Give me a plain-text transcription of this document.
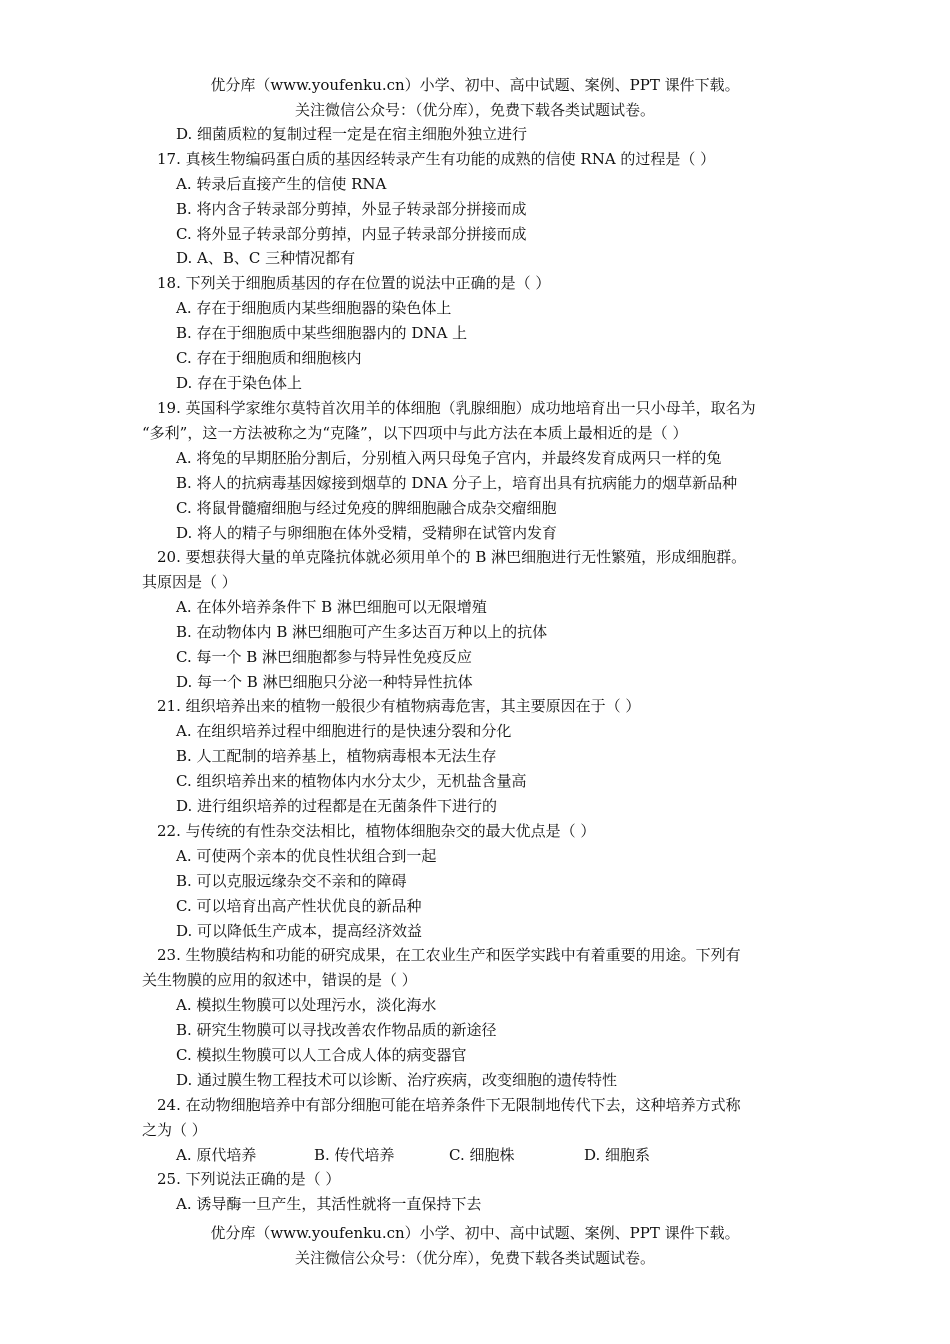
优分库（www.youfenku.cn）小学、初中、高中试题、案例、PPT 课件下载。
关注微信公众号：（优分库），免费下载各类试题试卷。
D. 细菌质粒的复制过程一定是在宿主细胞外独立进行
17. 真核生物编码蛋白质的基因经转录产生有功能的成熟的信使 RNA 的过程是（ ）
A. 转录后直接产生的信使 RNA
B. 将内含子转录部分剪掉，外显子转录部分拼接而成
C. 将外显子转录部分剪掉，内显子转录部分拼接而成
D. A、B、C 三种情况都有
18. 下列关于细胞质基因的存在位置的说法中正确的是（ ）
A. 存在于细胞质内某些细胞器的染色体上
B. 存在于细胞质中某些细胞器内的 DNA 上
C. 存在于细胞质和细胞核内
D. 存在于染色体上
19. 英国科学家维尔莫特首次用羊的体细胞（乳腺细胞）成功地培育出一只小母羊，取名为
“多利”，这一方法被称之为“克隆”，以下四项中与此方法在本质上最相近的是（ ）
A. 将兔的早期胚胎分割后，分别植入两只母兔子宫内，并最终发育成两只一样的兔
B. 将人的抗病毒基因嫁接到烟草的 DNA 分子上，培育出具有抗病能力的烟草新品种
C. 将鼠骨髓瘤细胞与经过免疫的脾细胞融合成杂交瘤细胞
D. 将人的精子与卵细胞在体外受精，受精卵在试管内发育
20. 要想获得大量的单克隆抗体就必须用单个的 B 淋巴细胞进行无性繁殖，形成细胞群。
其原因是（ ）
A. 在体外培养条件下 B 淋巴细胞可以无限增殖
B. 在动物体内 B 淋巴细胞可产生多达百万种以上的抗体
C. 每一个 B 淋巴细胞都参与特异性免疫反应
D. 每一个 B 淋巴细胞只分泌一种特异性抗体
21. 组织培养出来的植物一般很少有植物病毒危害，其主要原因在于（ ）
A. 在组织培养过程中细胞进行的是快速分裂和分化
B. 人工配制的培养基上，植物病毒根本无法生存
C. 组织培养出来的植物体内水分太少，无机盐含量高
D. 进行组织培养的过程都是在无菌条件下进行的
22. 与传统的有性杂交法相比，植物体细胞杂交的最大优点是（ ）
A. 可使两个亲本的优良性状组合到一起
B. 可以克服远缘杂交不亲和的障碍
C. 可以培育出高产性状优良的新品种
D. 可以降低生产成本，提高经济效益
23. 生物膜结构和功能的研究成果，在工农业生产和医学实践中有着重要的用途。下列有
关生物膜的应用的叙述中，错误的是（ ）
A. 模拟生物膜可以处理污水，淡化海水
B. 研究生物膜可以寻找改善农作物品质的新途径
C. 模拟生物膜可以人工合成人体的病变器官
D. 通过膜生物工程技术可以诊断、治疗疾病，改变细胞的遗传特性
24. 在动物细胞培养中有部分细胞可能在培养条件下无限制地传代下去，这种培养方式称
之为（ ）
A. 原代培养	B. 传代培养	C. 细胞株	D. 细胞系
25. 下列说法正确的是（ ）
A. 诱导酶一旦产生，其活性就将一直保持下去
优分库（www.youfenku.cn）小学、初中、高中试题、案例、PPT 课件下载。
关注微信公众号：（优分库），免费下载各类试题试卷。
